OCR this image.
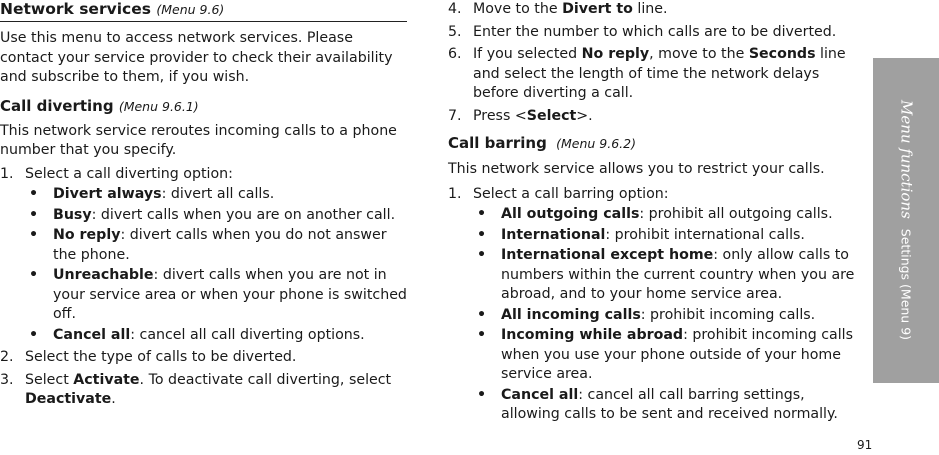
Network services (Menu 9.6)

Use this menu to access network services. Please contact your service provider to check their availability and subscribe to them, if you wish.

Call diverting (Menu 9.6.1)

This network service reroutes incoming calls to a phone number that you specify.

1. Select a call diverting option:
• Divert always: divert all calls.
• Busy: divert calls when you are on another call.
• No reply: divert calls when you do not answer the phone.
• Unreachable: divert calls when you are not in your service area or when your phone is switched off.
• Cancel all: cancel all call diverting options.
2. Select the type of calls to be diverted.
3. Select Activate. To deactivate call diverting, select Deactivate.
4. Move to the Divert to line.
5. Enter the number to which calls are to be diverted.
6. If you selected No reply, move to the Seconds line and select the length of time the network delays before diverting a call.
7. Press <Select>.
Call barring (Menu 9.6.2)

This network service allows you to restrict your calls.

1. Select a call barring option:
• All outgoing calls: prohibit all outgoing calls.
• International: prohibit international calls.
• International except home: only allow calls to numbers within the current country when you are abroad, and to your home service area.
• All incoming calls: prohibit incoming calls.
• Incoming while abroad: prohibit incoming calls when you use your phone outside of your home service area.
• Cancel all: cancel all call barring settings, allowing calls to be sent and received normally.
Menu functionsSettings (Menu 9)
91
